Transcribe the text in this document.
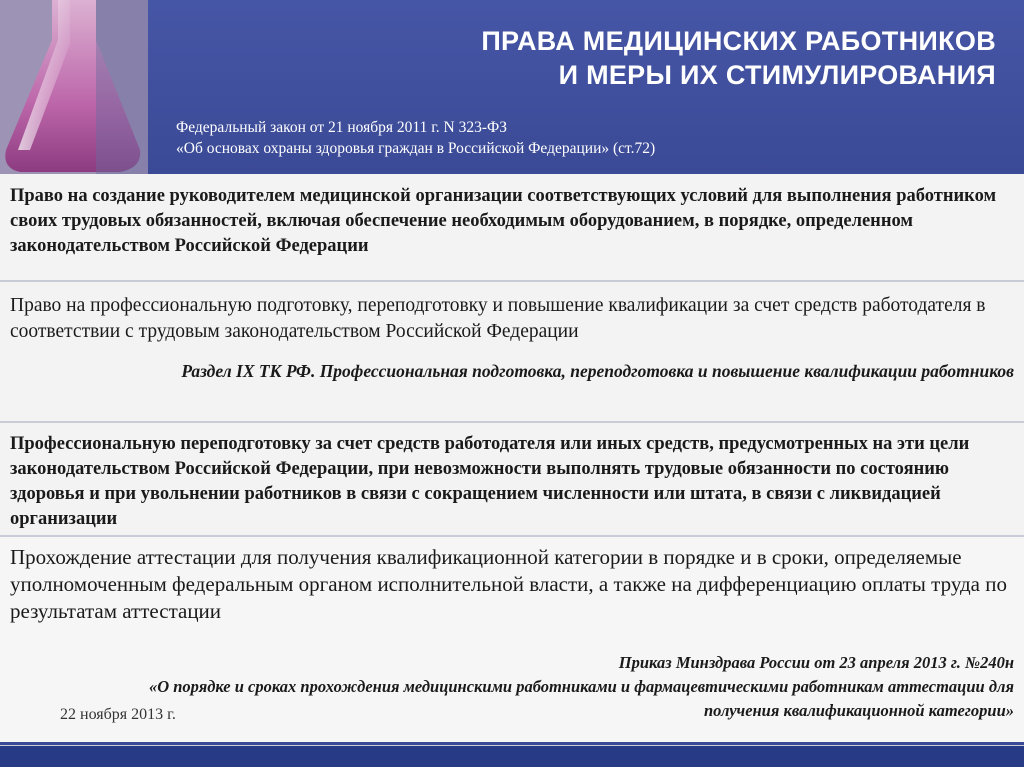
ПРАВА МЕДИЦИНСКИХ РАБОТНИКОВ
И МЕРЫ ИХ СТИМУЛИРОВАНИЯ
Федеральный закон от 21 ноября 2011 г. N 323-ФЗ
«Об основах охраны здоровья граждан в Российской Федерации» (ст.72)

Право на создание руководителем медицинской организации соответствующих условий для выполнения работником своих трудовых обязанностей, включая обеспечение необходимым оборудованием, в порядке, определенном законодательством Российской Федерации

Право на профессиональную подготовку, переподготовку и повышение квалификации за счет средств работодателя в соответствии с трудовым законодательством Российской Федерации

Раздел IX ТК РФ. Профессиональная подготовка, переподготовка и повышение квалификации работников

Профессиональную переподготовку за счет средств работодателя или иных средств, предусмотренных на эти цели законодательством Российской Федерации, при невозможности выполнять трудовые обязанности по состоянию здоровья и при увольнении работников в связи с сокращением численности или штата, в связи с ликвидацией организации

Прохождение аттестации для получения квалификационной категории в порядке и в сроки, определяемые уполномоченным федеральным органом исполнительной власти, а также на дифференциацию оплаты труда по результатам аттестации

Приказ Минздрава России от 23 апреля 2013 г. №240н

«О порядке и сроках прохождения медицинскими работниками и фармацевтическими работникам аттестации для получения квалификационной категории»

22 ноября 2013 г.
